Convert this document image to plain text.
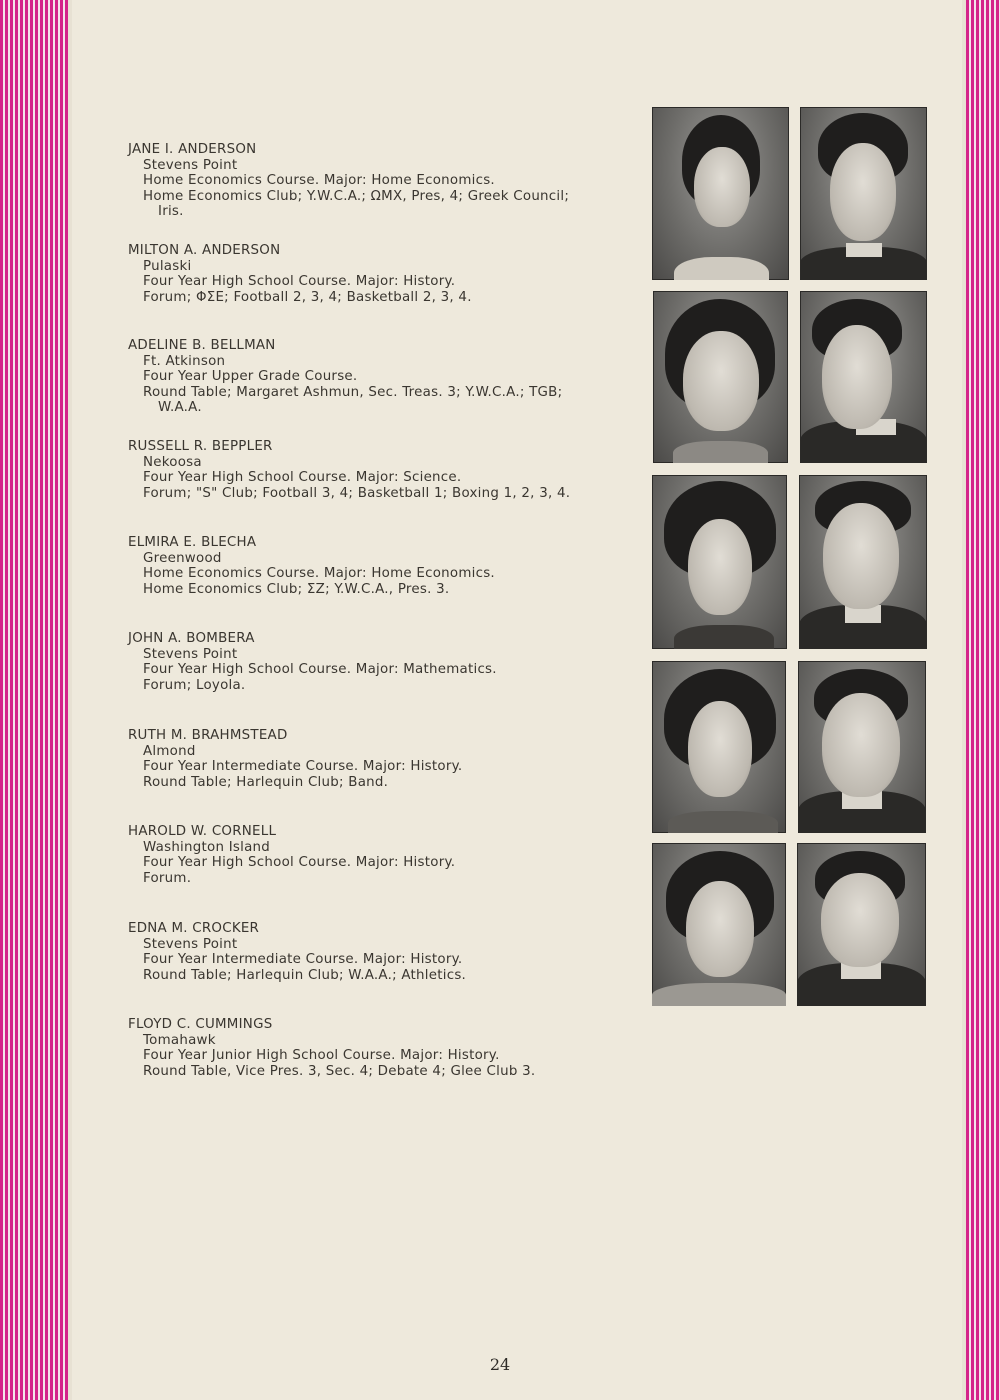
JANE I. ANDERSON
Stevens Point
Home Economics Course. Major: Home Economics.
Home Economics Club; Y.W.C.A.; ΩMX, Pres, 4; Greek Council; Iris.
MILTON A. ANDERSON
Pulaski
Four Year High School Course. Major: History.
Forum; ΦΣE; Football 2, 3, 4; Basketball 2, 3, 4.
ADELINE B. BELLMAN
Ft. Atkinson
Four Year Upper Grade Course.
Round Table; Margaret Ashmun, Sec. Treas. 3; Y.W.C.A.; TGB; W.A.A.
RUSSELL R. BEPPLER
Nekoosa
Four Year High School Course. Major: Science.
Forum; "S" Club; Football 3, 4; Basketball 1; Boxing 1, 2, 3, 4.
ELMIRA E. BLECHA
Greenwood
Home Economics Course. Major: Home Economics.
Home Economics Club; ΣZ; Y.W.C.A., Pres. 3.
JOHN A. BOMBERA
Stevens Point
Four Year High School Course. Major: Mathematics.
Forum; Loyola.
RUTH M. BRAHMSTEAD
Almond
Four Year Intermediate Course. Major: History.
Round Table; Harlequin Club; Band.
HAROLD W. CORNELL
Washington Island
Four Year High School Course. Major: History.
Forum.
EDNA M. CROCKER
Stevens Point
Four Year Intermediate Course. Major: History.
Round Table; Harlequin Club; W.A.A.; Athletics.
FLOYD C. CUMMINGS
Tomahawk
Four Year Junior High School Course. Major: History.
Round Table, Vice Pres. 3, Sec. 4; Debate 4; Glee Club 3.
24
